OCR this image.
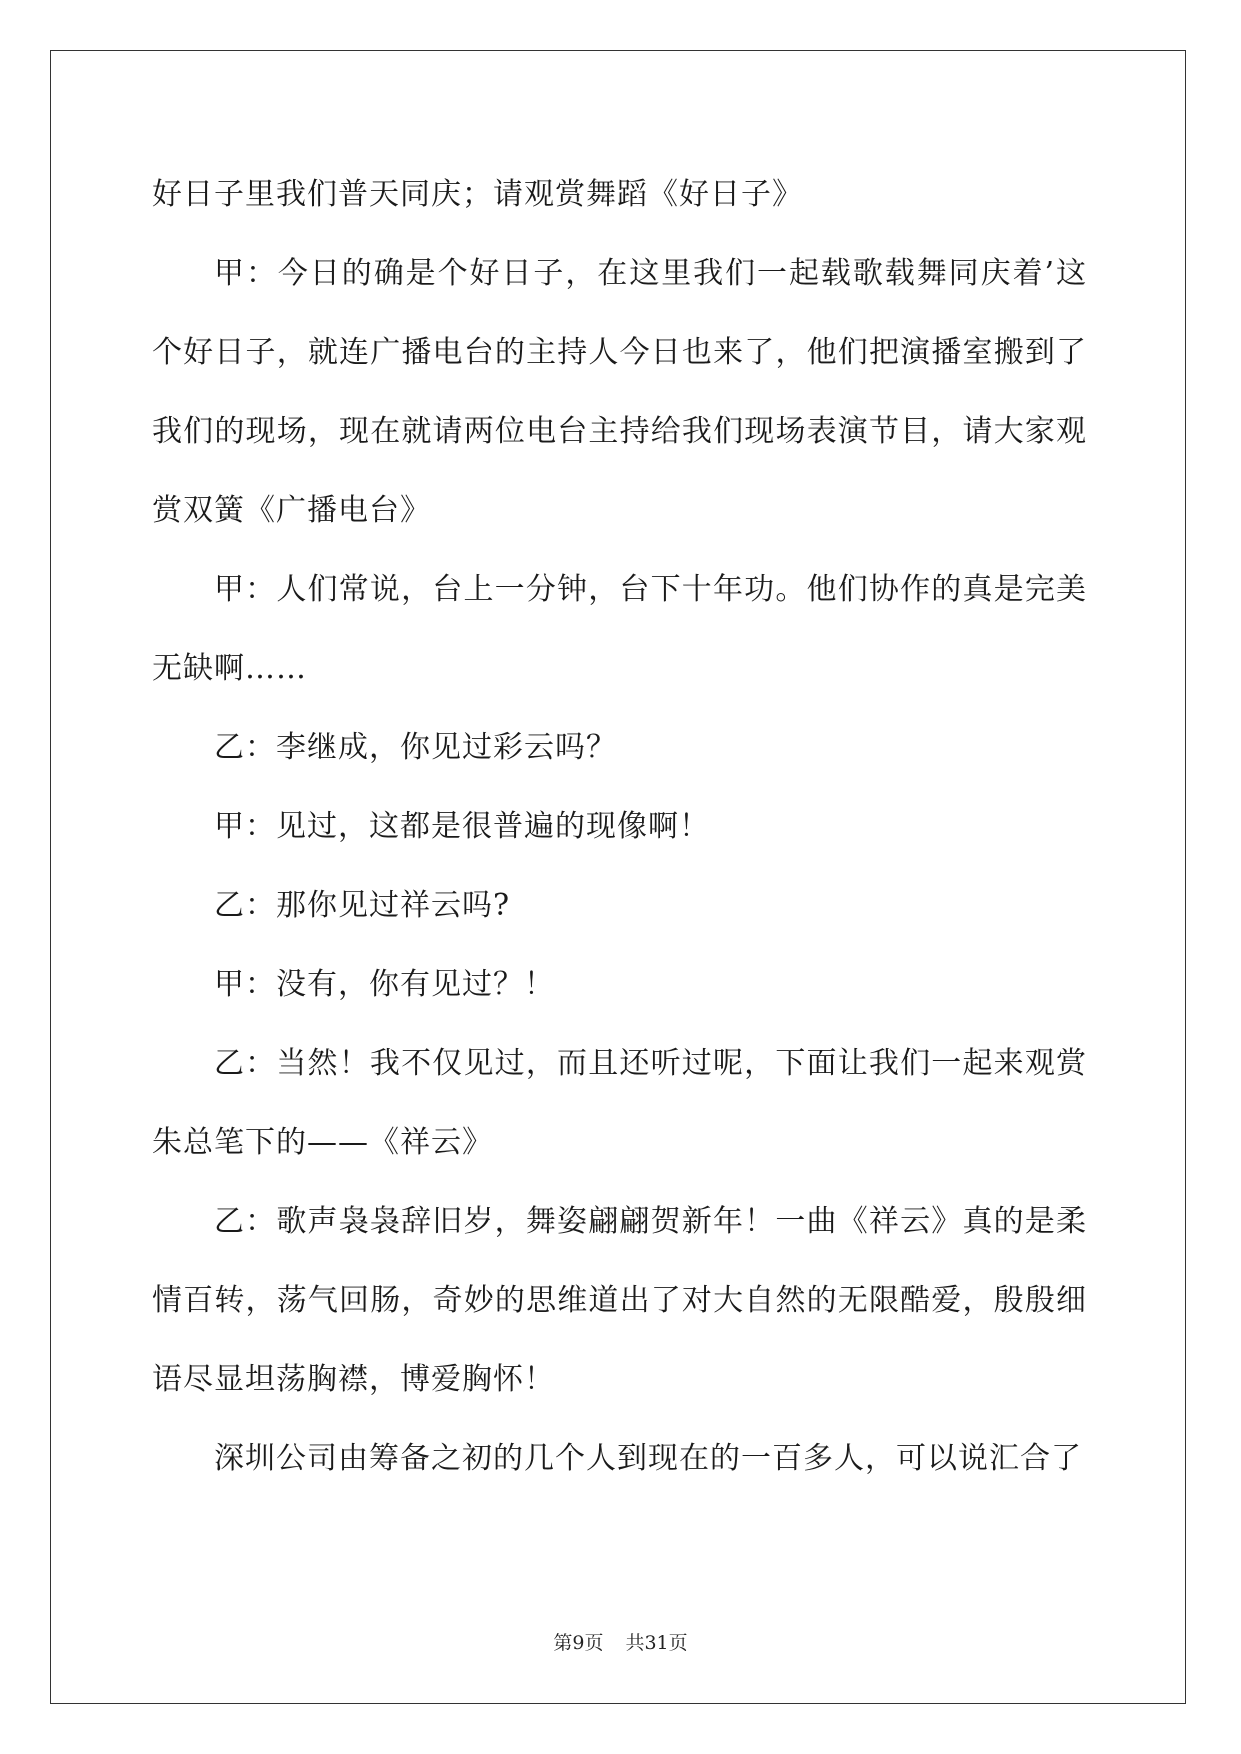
好日子里我们普天同庆；请观赏舞蹈《好日子》

甲：今日的确是个好日子，在这里我们一起载歌载舞同庆着’这个好日子，就连广播电台的主持人今日也来了，他们把演播室搬到了我们的现场，现在就请两位电台主持给我们现场表演节目，请大家观赏双簧《广播电台》

甲：人们常说，台上一分钟，台下十年功。他们协作的真是完美无缺啊……

乙：李继成，你见过彩云吗？

甲：见过，这都是很普遍的现像啊！

乙：那你见过祥云吗?

甲：没有，你有见过？！

乙：当然！我不仅见过，而且还听过呢，下面让我们一起来观赏朱总笔下的——《祥云》

乙：歌声袅袅辞旧岁，舞姿翩翩贺新年！一曲《祥云》真的是柔情百转，荡气回肠，奇妙的思维道出了对大自然的无限酷爱，殷殷细语尽显坦荡胸襟，博爱胸怀！

深圳公司由筹备之初的几个人到现在的一百多人，可以说汇合了

第9页 共31页
